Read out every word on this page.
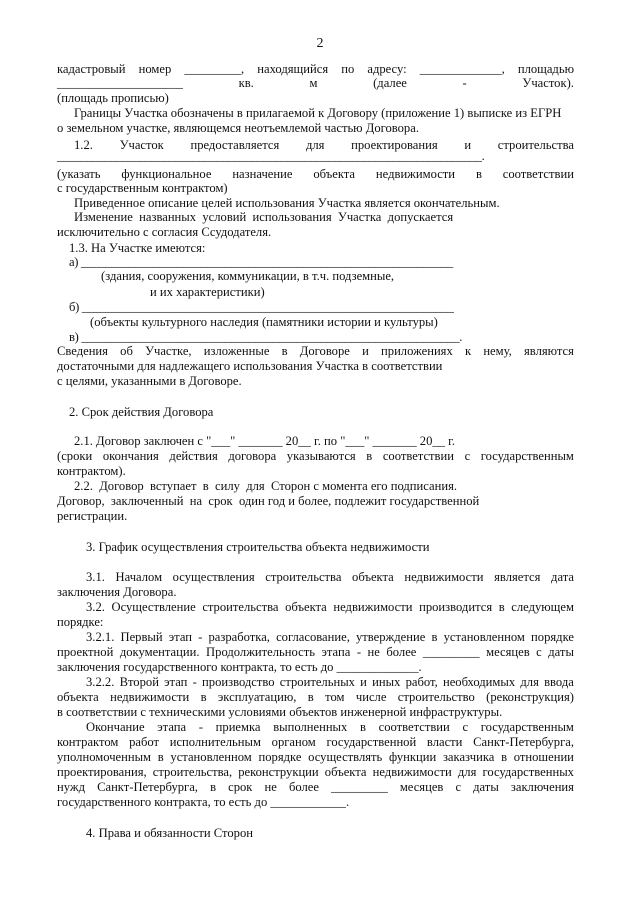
2
кадастровый номер _________, находящийся по адресу: _____________, площадью
____________________	кв.	м	(далее	-	Участок).
(площадь прописью)
Границы Участка обозначены в прилагаемой к Договору (приложение 1) выписке из ЕГРН
о земельном участке, являющемся неотъемлемой частью Договора.
1.2. Участок предоставляется для проектирования и строительства
________________________________________________________________________.
(указать функциональное назначение объекта недвижимости в соответствии
с государственным контрактом)
Приведенное описание целей использования Участка является окончательным.
Изменение  названных  условий  использования  Участка  допускается
исключительно с согласия Ссудодателя.
1.3. На Участке имеются:
а) ______________________________________________________________
(здания, сооружения, коммуникации, в т.ч. подземные,
и их характеристики)
б) ______________________________________________________________
(объекты культурного наследия (памятники истории и культуры)
в) _______________________________________________________________.
Сведения об Участке, изложенные в Договоре и приложениях к нему, являются
достаточными для надлежащего использования Участка в соответствии
с целями, указанными в Договоре.
2. Срок действия Договора
2.1. Договор заключен с "___" _______ 20__ г. по "___" _______ 20__ г.
(сроки окончания действия договора указываются в соответствии с государственным
контрактом).
2.2.  Договор  вступает  в  силу  для  Сторон с момента его подписания.
Договор,  заключенный  на  срок  один год и более, подлежит государственной
регистрации.
3. График осуществления строительства объекта недвижимости
3.1. Началом осуществления строительства объекта недвижимости является дата
заключения Договора.
3.2. Осуществление строительства объекта недвижимости производится в следующем
порядке:
3.2.1. Первый этап - разработка, согласование, утверждение в установленном порядке
проектной документации. Продолжительность этапа - не более _________ месяцев с даты
заключения государственного контракта, то есть до _____________.
3.2.2. Второй этап - производство строительных и иных работ, необходимых для ввода
объекта недвижимости в эксплуатацию, в том числе строительство (реконструкция)
в соответствии с техническими условиями объектов инженерной инфраструктуры.
Окончание этапа - приемка выполненных в соответствии с государственным
контрактом работ исполнительным органом государственной власти Санкт-Петербурга,
уполномоченным в установленном порядке осуществлять функции заказчика в отношении
проектирования, строительства, реконструкции объекта недвижимости для государственных
нужд Санкт-Петербурга, в срок не более _________ месяцев с даты заключения
государственного контракта, то есть до ____________.
4. Права и обязанности Сторон
